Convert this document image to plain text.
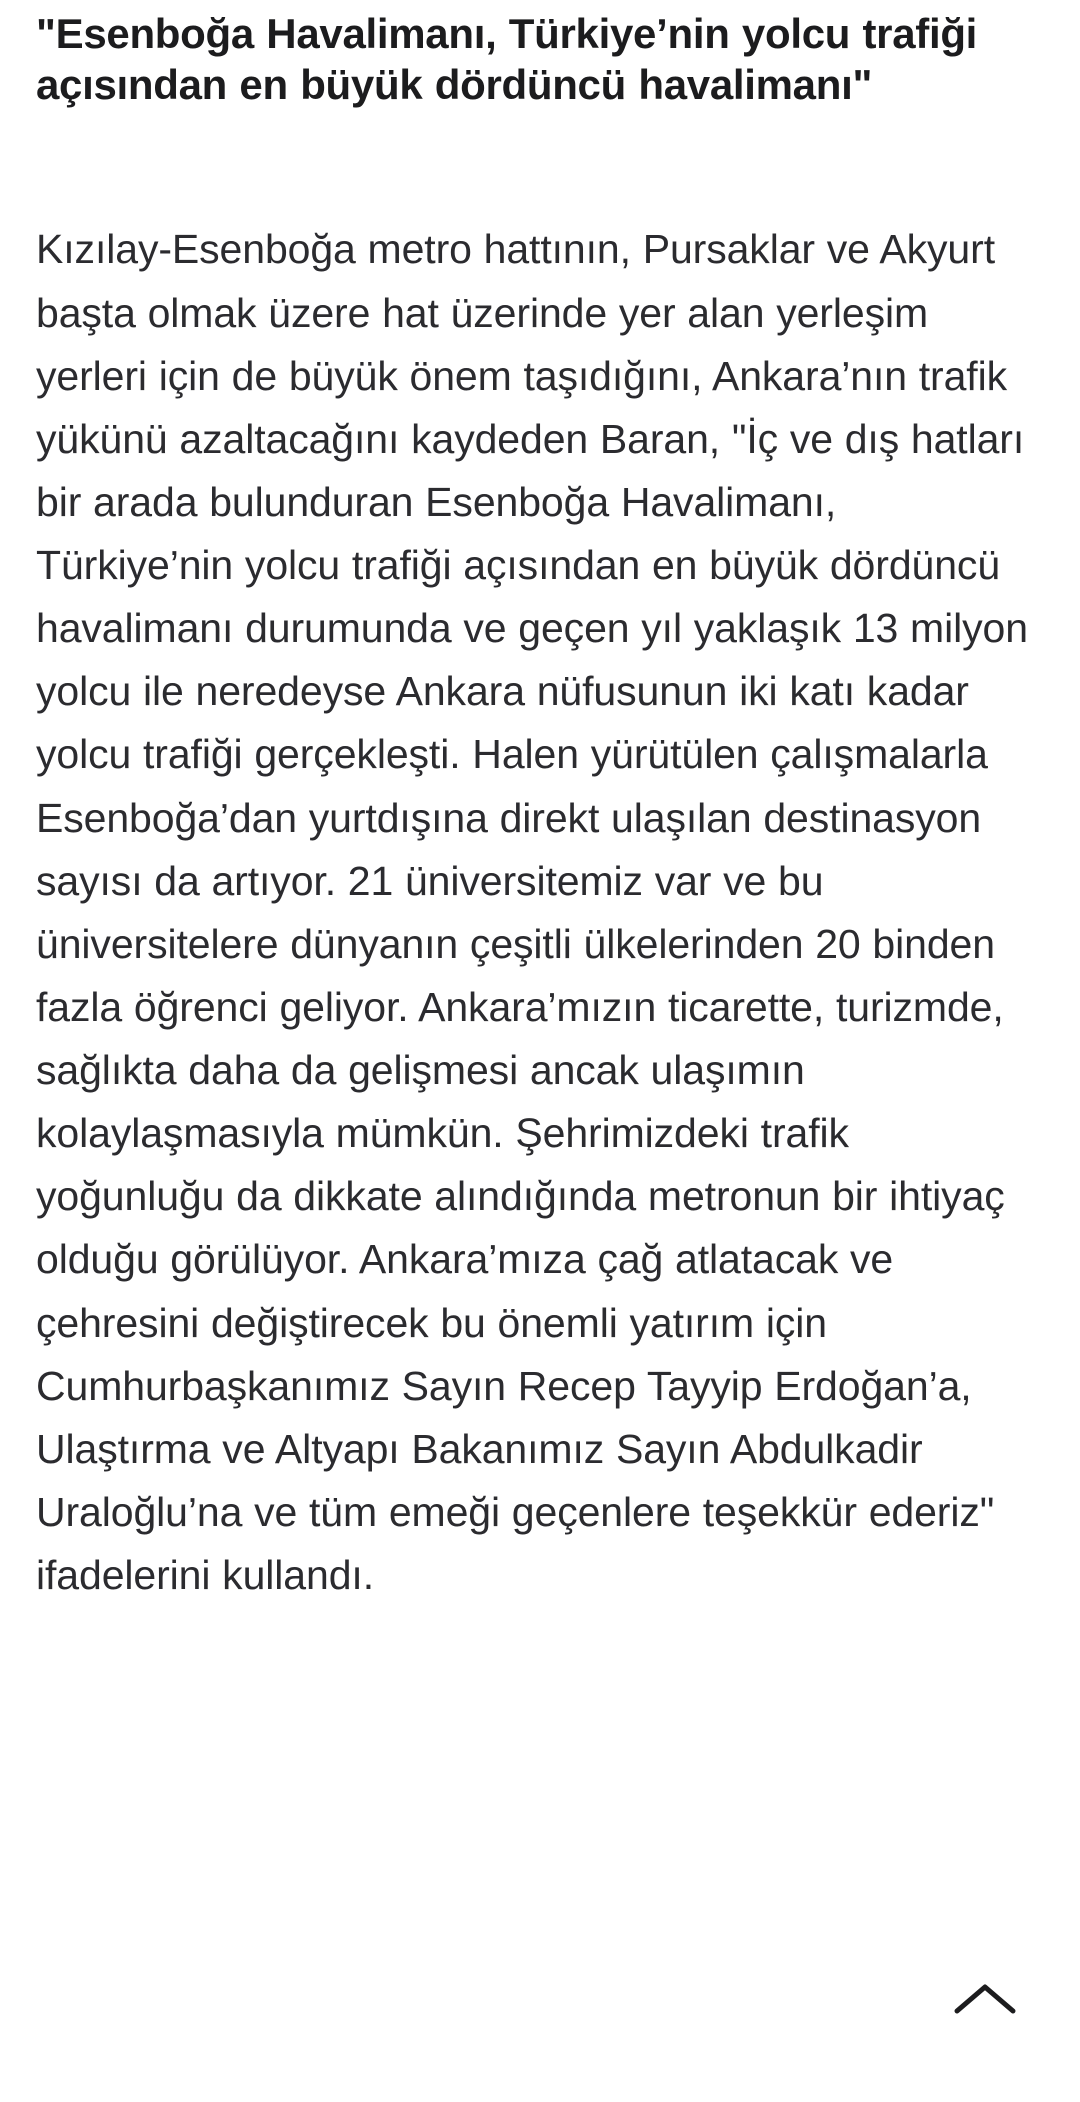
"Esenboğa Havalimanı, Türkiye’nin yolcu trafiği açısından en büyük dördüncü havalimanı"

Kızılay-Esenboğa metro hattının, Pursaklar ve Akyurt başta olmak üzere hat üzerinde yer alan yerleşim yerleri için de büyük önem taşıdığını, Ankara’nın trafik yükünü azaltacağını kaydeden Baran, "İç ve dış hatları bir arada bulunduran Esenboğa Havalimanı, Türkiye’nin yolcu trafiği açısından en büyük dördüncü havalimanı durumunda ve geçen yıl yaklaşık 13 milyon yolcu ile neredeyse Ankara nüfusunun iki katı kadar yolcu trafiği gerçekleşti. Halen yürütülen çalışmalarla Esenboğa’dan yurtdışına direkt ulaşılan destinasyon sayısı da artıyor. 21 üniversitemiz var ve bu üniversitelere dünyanın çeşitli ülkelerinden 20 binden fazla öğrenci geliyor. Ankara’mızın ticarette, turizmde, sağlıkta daha da gelişmesi ancak ulaşımın kolaylaşmasıyla mümkün. Şehrimizdeki trafik yoğunluğu da dikkate alındığında metronun bir ihtiyaç olduğu görülüyor. Ankara’mıza çağ atlatacak ve çehresini değiştirecek bu önemli yatırım için Cumhurbaşkanımız Sayın Recep Tayyip Erdoğan’a, Ulaştırma ve Altyapı Bakanımız Sayın Abdulkadir Uraloğlu’na ve tüm emeği geçenlere teşekkür ederiz" ifadelerini kullandı.
